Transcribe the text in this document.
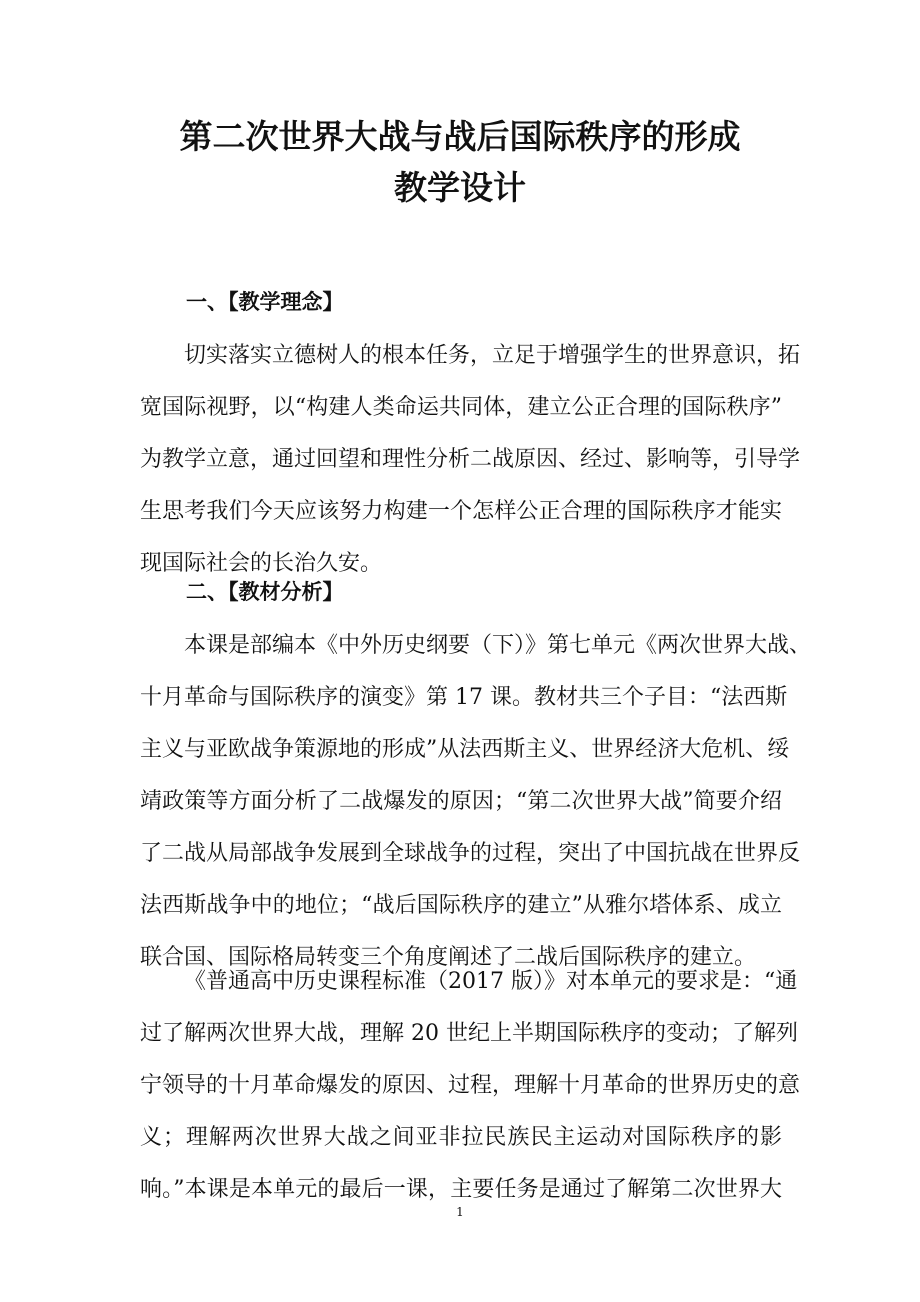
第二次世界大战与战后国际秩序的形成
教学设计
一、【教学理念】
切实落实立德树人的根本任务，立足于增强学生的世界意识，拓
宽国际视野，以“构建人类命运共同体，建立公正合理的国际秩序”
为教学立意，通过回望和理性分析二战原因、经过、影响等，引导学
生思考我们今天应该努力构建一个怎样公正合理的国际秩序才能实
现国际社会的长治久安。
二、【教材分析】
本课是部编本《中外历史纲要（下）》第七单元《两次世界大战、
十月革命与国际秩序的演变》第 17 课。教材共三个子目：“法西斯
主义与亚欧战争策源地的形成”从法西斯主义、世界经济大危机、绥
靖政策等方面分析了二战爆发的原因；“第二次世界大战”简要介绍
了二战从局部战争发展到全球战争的过程，突出了中国抗战在世界反
法西斯战争中的地位；“战后国际秩序的建立”从雅尔塔体系、成立
联合国、国际格局转变三个角度阐述了二战后国际秩序的建立。
《普通高中历史课程标准（2017 版）》对本单元的要求是：“通
过了解两次世界大战，理解 20 世纪上半期国际秩序的变动；了解列
宁领导的十月革命爆发的原因、过程，理解十月革命的世界历史的意
义；理解两次世界大战之间亚非拉民族民主运动对国际秩序的影
响。”本课是本单元的最后一课，主要任务是通过了解第二次世界大
1
